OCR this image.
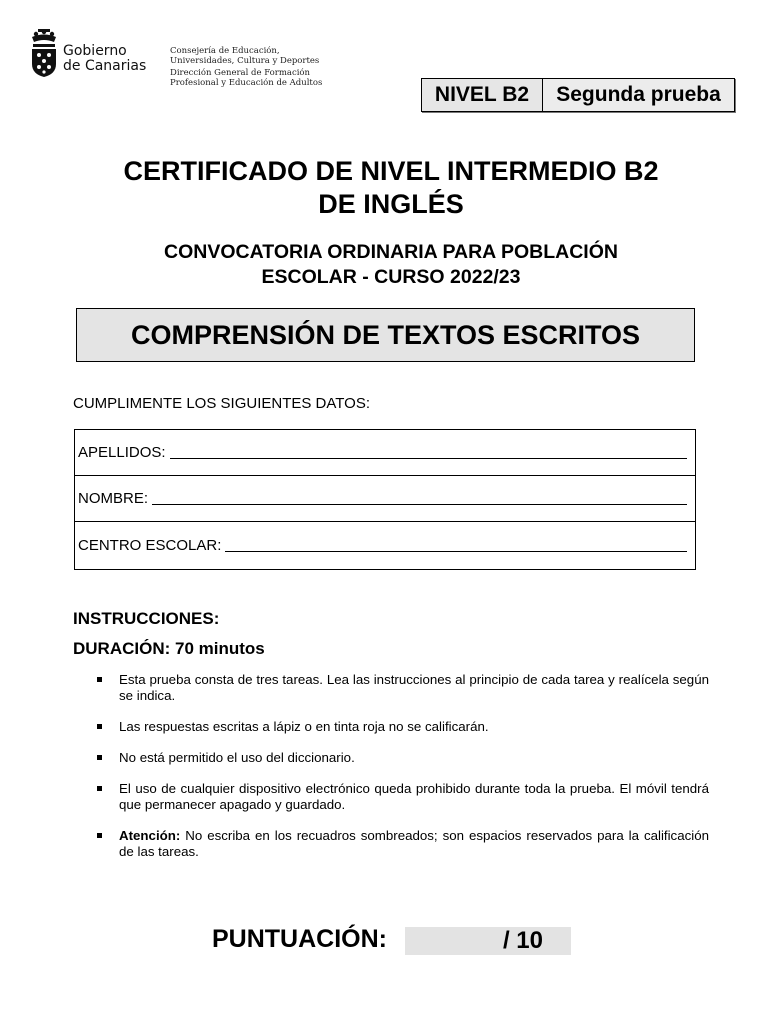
Gobierno
de Canarias
Consejería de Educación,
Universidades, Cultura y Deportes
Dirección General de Formación
Profesional y Educación de Adultos	NIVEL B2	Segunda prueba
CERTIFICADO DE NIVEL INTERMEDIO B2
DE INGLÉS
CONVOCATORIA ORDINARIA PARA POBLACIÓN
ESCOLAR - CURSO 2022/23
COMPRENSIÓN DE TEXTOS ESCRITOS
CUMPLIMENTE LOS SIGUIENTES DATOS:
APELLIDOS:
NOMBRE:
CENTRO ESCOLAR:
INSTRUCCIONES:
DURACIÓN: 70 minutos
Esta prueba consta de tres tareas. Lea las instrucciones al principio de cada tarea y realícela según se indica.
Las respuestas escritas a lápiz o en tinta roja no se calificarán.
No está permitido el uso del diccionario.
El uso de cualquier dispositivo electrónico queda prohibido durante toda la prueba. El móvil tendrá que permanecer apagado y guardado.
Atención: No escriba en los recuadros sombreados; son espacios reservados para la calificación de las tareas.
PUNTUACIÓN:	/ 10
